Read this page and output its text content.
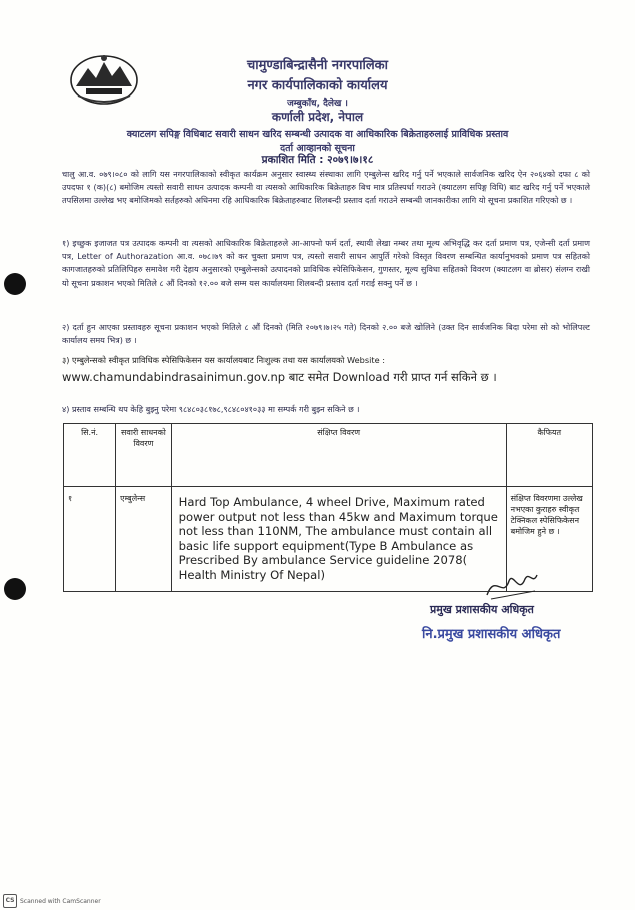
चामुण्डाबिन्द्रासैनी नगरपालिका
नगर कार्यपालिकाको कार्यालय
जम्बुकाँध, दैलेख ।
कर्णाली प्रदेश, नेपाल
क्याटलग सपिङ्ग विधिबाट सवारी साधन खरिद सम्बन्धी उत्पादक वा आधिकारिक बिक्रेताहरुलाई प्राविधिक प्रस्ताव
दर्ता आव्हानको सूचना
प्रकाशित मिति : २०७९।७।१८
चालु आ.व. ०७९।०८० को लागि यस नगरपालिकाको स्वीकृत कार्यक्रम अनुसार स्वास्थ्य संस्थाका लागि एम्बुलेन्स खरिद गर्नु पर्ने भएकाले सार्वजनिक खरिद ऐन २०६४को दफा ८ को उपदफा १ (क)(८) बमोजिम त्यस्तो सवारी साधन उत्पादक कम्पनी वा त्यसको आधिकारिक बिक्रेताहरु बिच मात्र प्रतिस्पर्धा गराउने (क्याटलग सपिङ्ग विधि) बाट खरिद गर्नु पर्ने भएकाले तपसिलमा उल्लेख भए बमोजिमको सर्तहरुको अधिनमा रहि आधिकारिक बिक्रेताहरुबाट शिलबन्दी प्रस्ताव दर्ता गराउने सम्बन्धी जानकारीका लागि यो सूचना प्रकाशित गरिएको छ ।
१) इच्छुक इजाजत पत्र उत्पादक कम्पनी वा त्यसको आधिकारिक बिक्रेताहरुले आ-आफ्नो फर्म दर्ता, स्थायी लेखा नम्बर तथा मूल्य अभिवृद्धि कर दर्ता प्रमाण पत्र, एजेन्सी दर्ता प्रमाण पत्र, Letter of Authorazation आ.व. ०७८।७९ को कर चुक्ता प्रमाण पत्र, त्यस्तो सवारी साधन आपुर्ति गरेको विस्तृत विवरण सम्बन्धित कार्यानुभवको प्रमाण पत्र सहितको कागजातहरुको प्रतिलिपिहरु समावेश गरी देहाय अनुसारको एम्बुलेन्सको उत्पादनको प्राविधिक स्पेसिफिकेसन, गुणस्तर, मूल्य सुविधा सहितको विवरण (क्याटलग वा ब्रोसर) संलग्न राखी यो सूचना प्रकाशन भएको मितिले ८ औं दिनको १२.०० बजे सम्म यस कार्यालयमा शिलबन्दी प्रस्ताव दर्ता गराई सक्नु पर्ने छ ।
२) दर्ता हुन आएका प्रस्तावहरु सूचना प्रकाशन भएको मितिले ८ औं दिनको (मिति २०७९।७।२५ गते) दिनको २.०० बजे खोलिने (उक्त दिन सार्वजनिक बिदा परेमा सो को भोलिपल्ट कार्यालय समय भित्र) छ ।
३) एम्बुलेन्सको स्वीकृत प्राविधिक स्पेसिफिकेसन यस कार्यालयबाट निःशुल्क तथा यस कार्यालयको Website :
www.chamundabindrasainimun.gov.np बाट समेत Download गरी प्राप्त गर्न सकिने छ ।
४) प्रस्ताव सम्बन्धि थप केहि बुझ्नु परेमा ९८४८०३८१७८,९८४८०४१०३३ मा सम्पर्क गरी बुझ्न सकिने छ ।
सि.नं.	सवारी साधनको विवरण	संक्षिप्त विवरण	कैफियत
१	एम्बुलेन्स	Hard Top Ambulance, 4 wheel Drive, Maximum rated power output not less than 45kw and Maximum torque not less than 110NM, The ambulance must contain all basic life support equipment(Type B Ambulance as Prescribed By ambulance Service guideline 2078( Health Ministry Of Nepal)	संक्षिप्त विवरणमा उल्लेख नभएका कुराहरु स्वीकृत टेक्निकल स्पेसिफिकेसन बमोजिम हुने छ ।
प्रमुख प्रशासकीय अधिकृत
नि.प्रमुख प्रशासकीय अधिकृत
CS Scanned with CamScanner
